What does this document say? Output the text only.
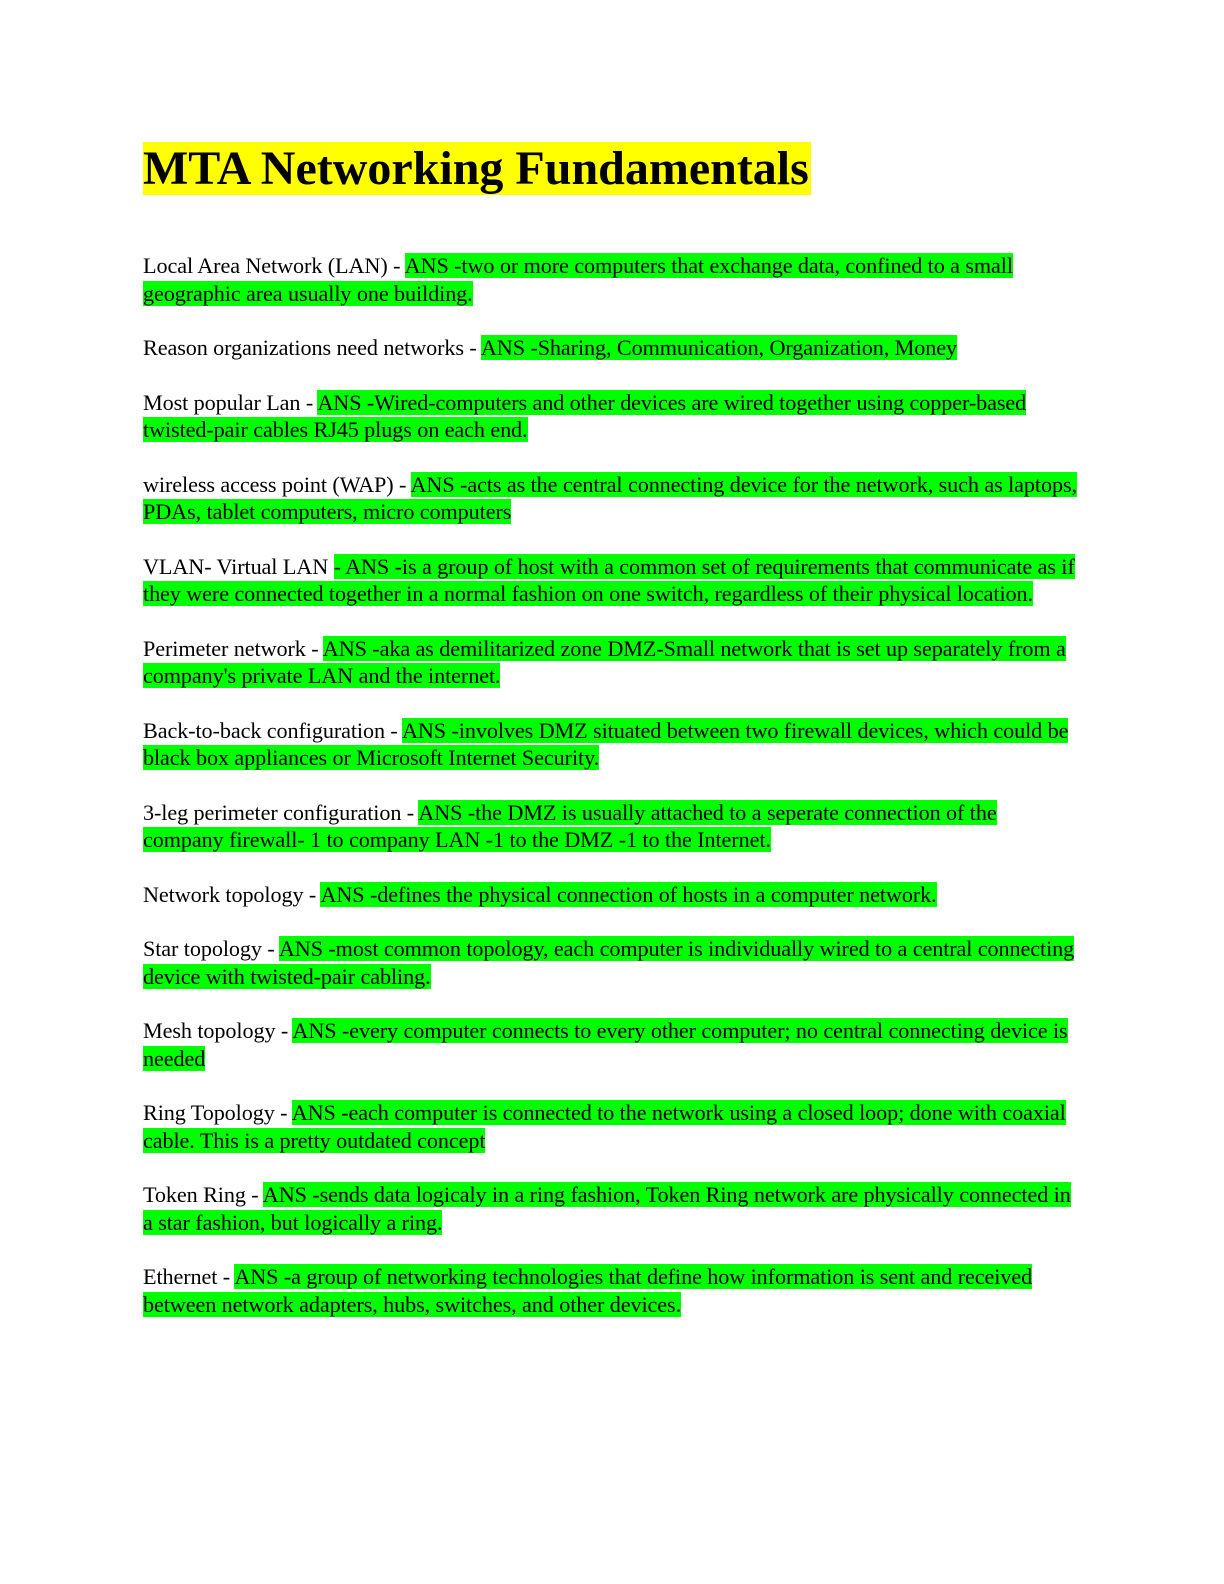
MTA Networking Fundamentals
Local Area Network (LAN) - ANS -two or more computers that exchange data, confined to a small geographic area usually one building.
Reason organizations need networks - ANS -Sharing, Communication, Organization, Money
Most popular Lan - ANS -Wired-computers and other devices are wired together using copper-based twisted-pair cables RJ45 plugs on each end.
wireless access point (WAP) - ANS -acts as the central connecting device for the network, such as laptops, PDAs, tablet computers, micro computers
VLAN- Virtual LAN - ANS -is a group of host with a common set of requirements that communicate as if they were connected together in a normal fashion on one switch, regardless of their physical location.
Perimeter network - ANS -aka as demilitarized zone DMZ-Small network that is set up separately from a company's private LAN and the internet.
Back-to-back configuration - ANS -involves DMZ situated between two firewall devices, which could be black box appliances or Microsoft Internet Security.
3-leg perimeter configuration - ANS -the DMZ is usually attached to a seperate connection of the company firewall- 1 to company LAN -1 to the DMZ -1 to the Internet.
Network topology - ANS -defines the physical connection of hosts in a computer network.
Star topology - ANS -most common topology, each computer is individually wired to a central connecting device with twisted-pair cabling.
Mesh topology - ANS -every computer connects to every other computer; no central connecting device is needed
Ring Topology - ANS -each computer is connected to the network using a closed loop; done with coaxial cable. This is a pretty outdated concept
Token Ring - ANS -sends data logicaly in a ring fashion, Token Ring network are physically connected in a star fashion, but logically a ring.
Ethernet - ANS -a group of networking technologies that define how information is sent and received between network adapters, hubs, switches, and other devices.
